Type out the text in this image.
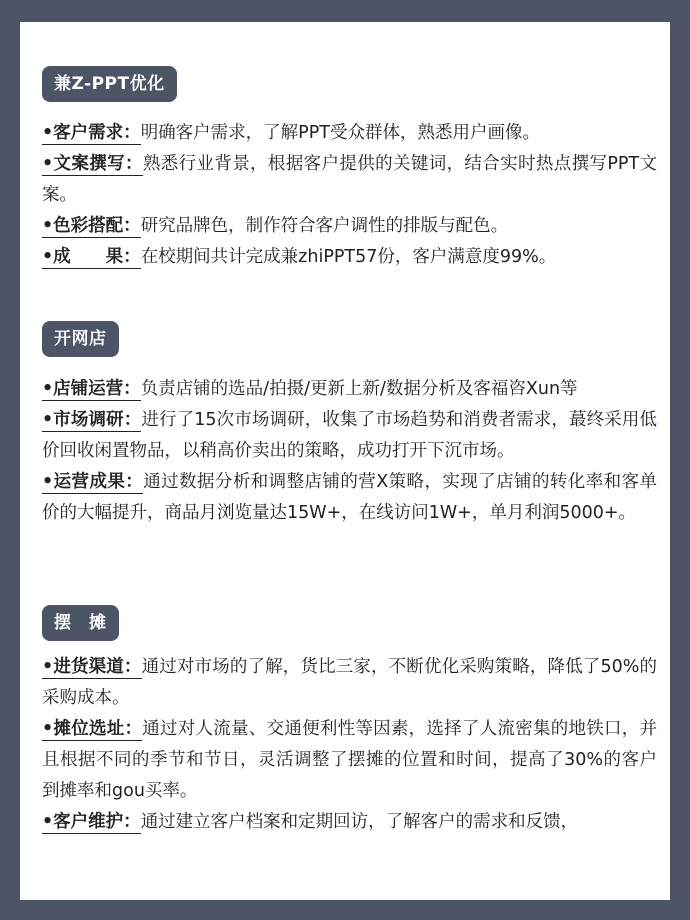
兼Z-PPT优化

•客户需求：明确客户需求，了解PPT受众群体，熟悉用户画像。

•文案撰写：熟悉行业背景，根据客户提供的关键词，结合实时热点撰写PPT文案。

•色彩搭配：研究品牌色，制作符合客户调性的排版与配色。

•成　　果：在校期间共计完成兼zhiPPT57份，客户满意度99%。

开网店

•店铺运营：负责店铺的选品/拍摄/更新上新/数据分析及客福咨Xun等

•市场调研：进行了15次市场调研，收集了市场趋势和消费者需求，蕞终采用低价回收闲置物品，以稍高价卖出的策略，成功打开下沉市场。

•运营成果：通过数据分析和调整店铺的营X策略，实现了店铺的转化率和客单价的大幅提升，商品月浏览量达15W+，在线访问1W+，单月利润5000+。

摆　摊

•进货渠道：通过对市场的了解，货比三家，不断优化采购策略，降低了50%的采购成本。

•摊位选址：通过对人流量、交通便利性等因素，选择了人流密集的地铁口，并且根据不同的季节和节日，灵活调整了摆摊的位置和时间，提高了30%的客户到摊率和gou买率。

•客户维护：通过建立客户档案和定期回访，了解客户的需求和反馈，
